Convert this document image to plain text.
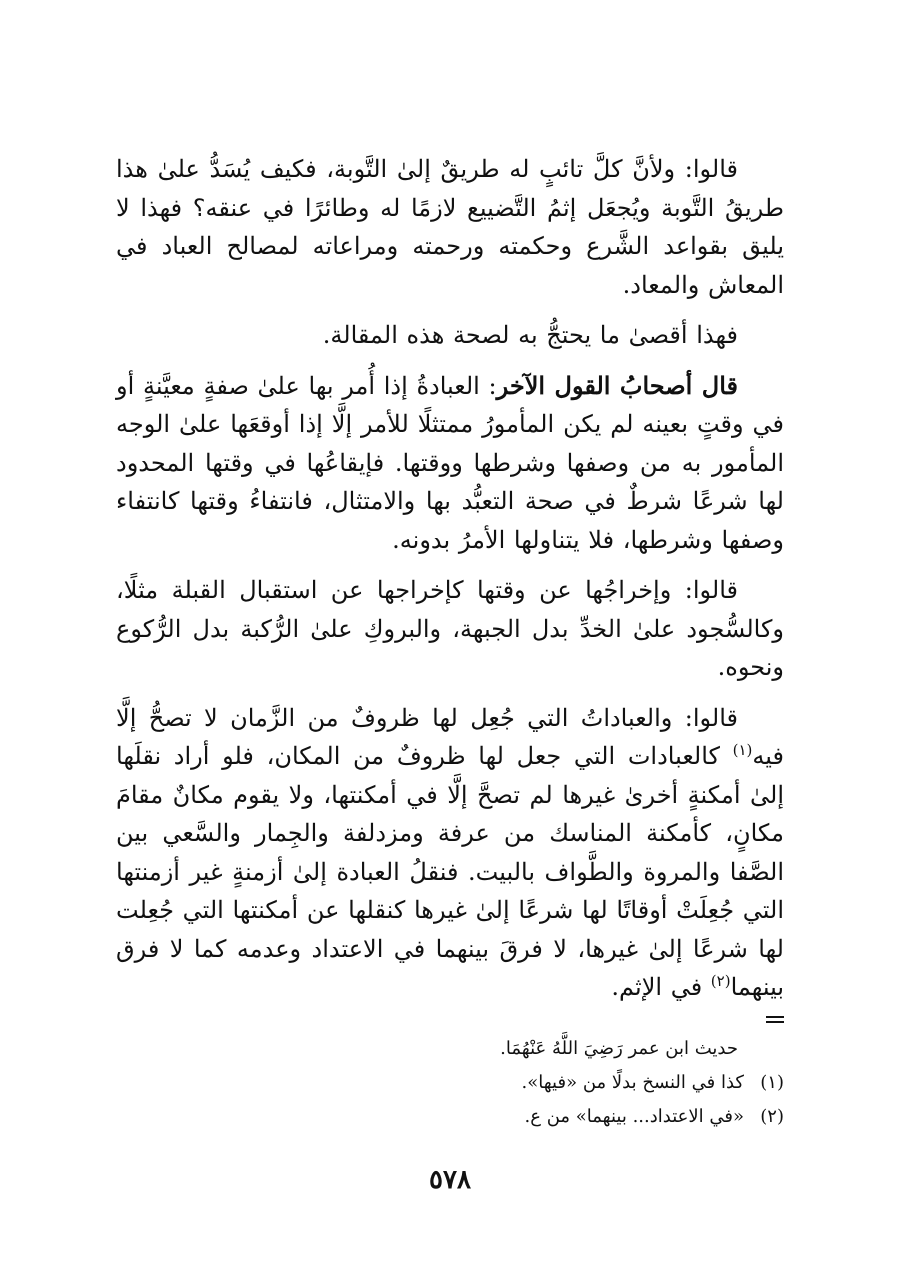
قالوا: ولأنَّ كلَّ تائبٍ له طريقٌ إلىٰ التَّوبة، فكيف يُسَدُّ علىٰ هذا طريقُ التَّوبة ويُجعَل إثمُ التَّضييع لازمًا له وطائرًا في عنقه؟ فهذا لا يليق بقواعد الشَّرع وحكمته ورحمته ومراعاته لمصالح العباد في المعاش والمعاد.

فهذا أقصىٰ ما يحتجُّ به لصحة هذه المقالة.

قال أصحابُ القول الآخر: العبادةُ إذا أُمر بها علىٰ صفةٍ معيَّنةٍ أو في وقتٍ بعينه لم يكن المأمورُ ممتثلًا للأمر إلَّا إذا أوقعَها علىٰ الوجه المأمور به من وصفها وشرطها ووقتها. فإيقاعُها في وقتها المحدود لها شرعًا شرطٌ في صحة التعبُّد بها والامتثال، فانتفاءُ وقتها كانتفاء وصفها وشرطها، فلا يتناولها الأمرُ بدونه.

قالوا: وإخراجُها عن وقتها كإخراجها عن استقبال القبلة مثلًا، وكالسُّجود علىٰ الخدِّ بدل الجبهة، والبروكِ علىٰ الرُّكبة بدل الرُّكوع ونحوه.

قالوا: والعباداتُ التي جُعِل لها ظروفٌ من الزَّمان لا تصحُّ إلَّا فيه$^{(١)}$ كالعبادات التي جعل لها ظروفٌ من المكان، فلو أراد نقلَها إلىٰ أمكنةٍ أخرىٰ غيرها لم تصحَّ إلَّا في أمكنتها، ولا يقوم مكانٌ مقامَ مكانٍ، كأمكنة المناسك من عرفة ومزدلفة والجِمار والسَّعي بين الصَّفا والمروة والطَّواف بالبيت. فنقلُ العبادة إلىٰ أزمنةٍ غير أزمنتها التي جُعِلَتْ أوقاتًا لها شرعًا إلىٰ غيرها كنقلها عن أمكنتها التي جُعِلت لها شرعًا إلىٰ غيرها، لا فرقَ بينهما في الاعتداد وعدمه كما لا فرق بينهما$^{(٢)}$ في الإثم.

حديث ابن عمر رَضِيَ اللَّهُ عَنْهُمَا.

(١)كذا في النسخ بدلًا من «فيها».

(٢)«في الاعتداد... بينهما» من ع.

٥٧٨
